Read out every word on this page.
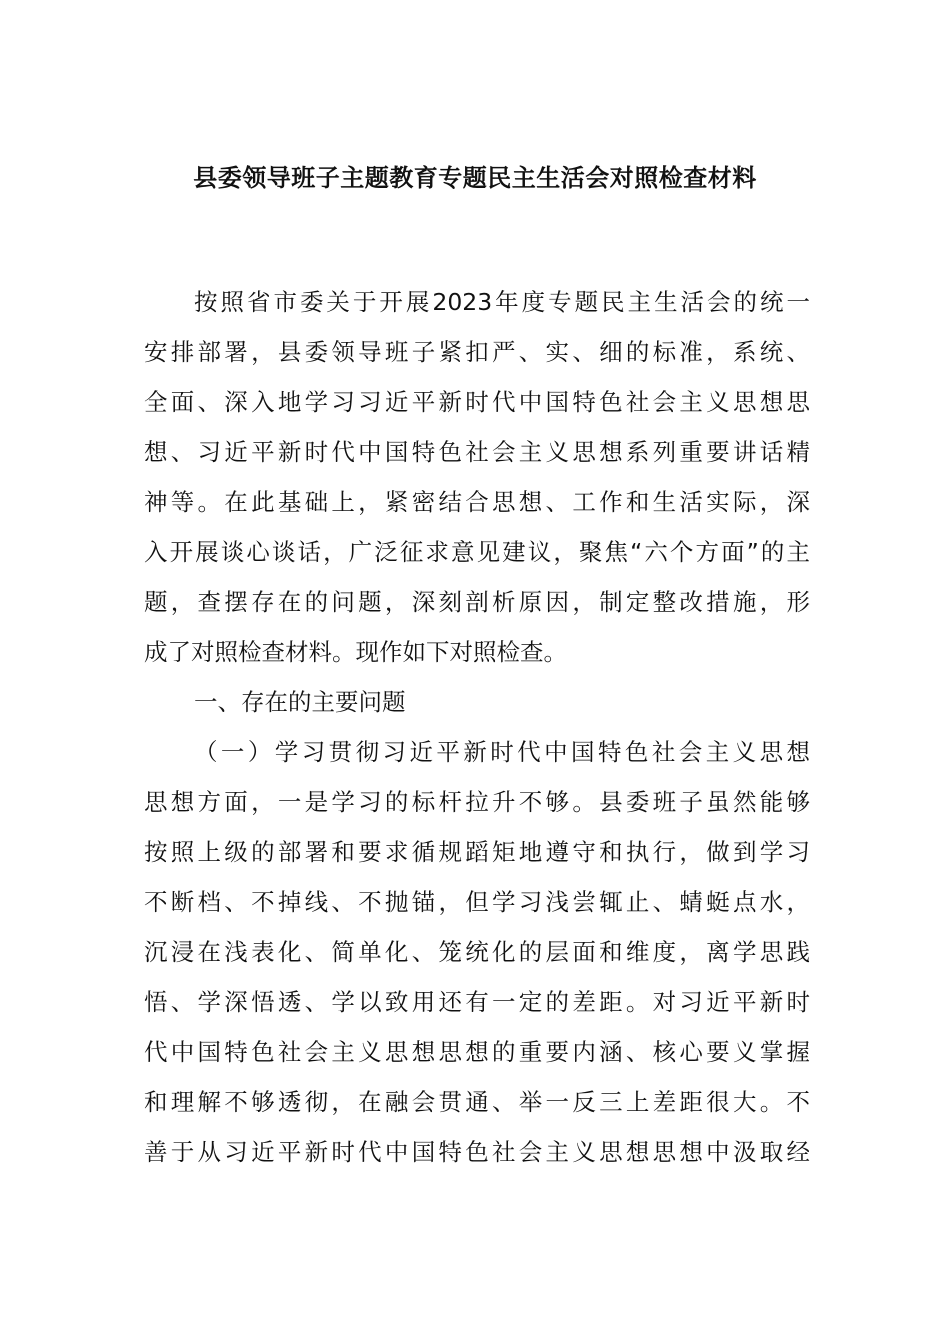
县委领导班子主题教育专题民主生活会对照检查材料
按照省市委关于开展2023年度专题民主生活会的统一
安排部署，县委领导班子紧扣严、实、细的标准，系统、
全面、深入地学习习近平新时代中国特色社会主义思想思
想、习近平新时代中国特色社会主义思想系列重要讲话精
神等。在此基础上，紧密结合思想、工作和生活实际，深
入开展谈心谈话，广泛征求意见建议，聚焦“六个方面”的主
题，查摆存在的问题，深刻剖析原因，制定整改措施，形
成了对照检查材料。现作如下对照检查。
一、存在的主要问题
（一）学习贯彻习近平新时代中国特色社会主义思想
思想方面，一是学习的标杆拉升不够。县委班子虽然能够
按照上级的部署和要求循规蹈矩地遵守和执行，做到学习
不断档、不掉线、不抛锚，但学习浅尝辄止、蜻蜓点水，
沉浸在浅表化、简单化、笼统化的层面和维度，离学思践
悟、学深悟透、学以致用还有一定的差距。对习近平新时
代中国特色社会主义思想思想的重要内涵、核心要义掌握
和理解不够透彻，在融会贯通、举一反三上差距很大。不
善于从习近平新时代中国特色社会主义思想思想中汲取经
